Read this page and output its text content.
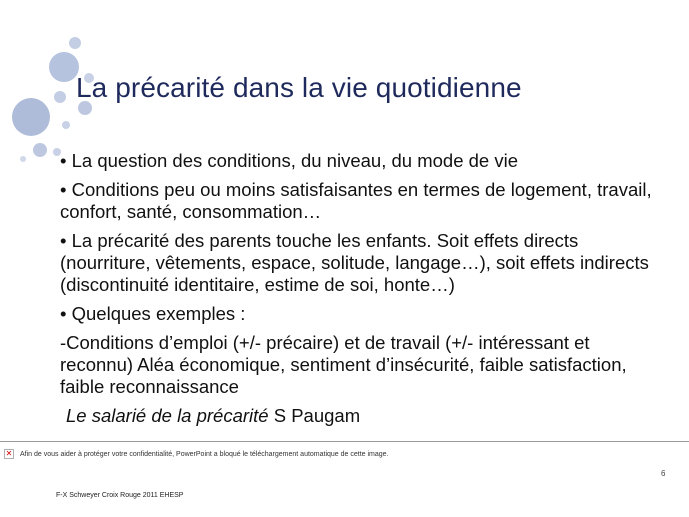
La précarité dans la vie quotidienne

• La question des conditions, du niveau, du mode de vie

• Conditions peu ou moins satisfaisantes en termes de logement, travail, confort, santé, consommation…

• La précarité des parents touche les enfants. Soit effets directs (nourriture, vêtements, espace, solitude, langage…), soit effets indirects (discontinuité identitaire, estime de soi, honte…)

• Quelques exemples :

-Conditions d’emploi (+/- précaire) et de travail (+/- intéressant et reconnu) Aléa économique, sentiment d’insécurité, faible satisfaction, faible reconnaissance

Le salarié de la précarité S Paugam

✕ Afin de vous aider à protéger votre confidentialité, PowerPoint a bloqué le téléchargement automatique de cette image.
6
F-X Schweyer Croix Rouge 2011 EHESP
